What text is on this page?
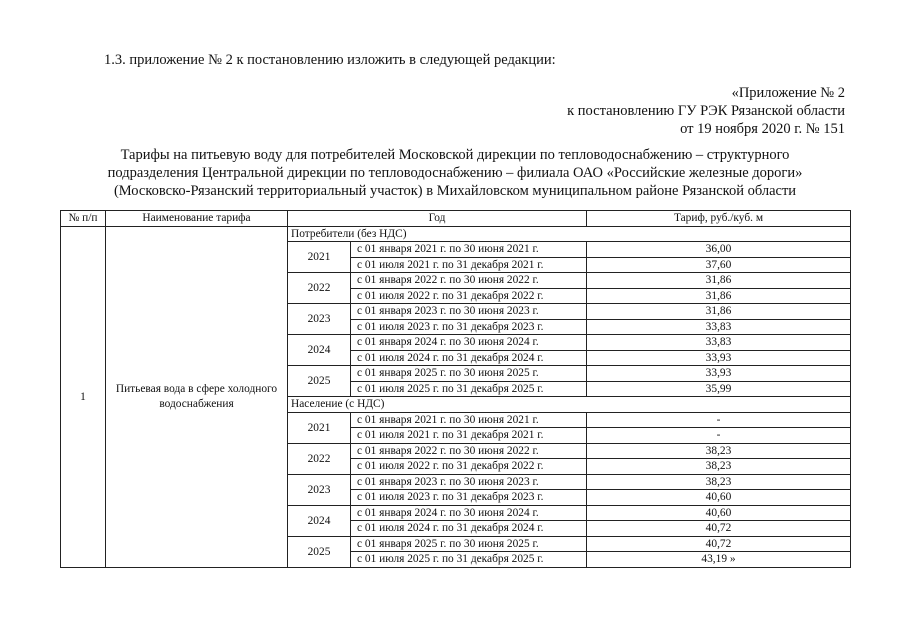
1.3. приложение № 2 к постановлению изложить в следующей редакции:
«Приложение № 2
к постановлению ГУ РЭК Рязанской области
от 19 ноября 2020 г. № 151
Тарифы на питьевую воду для потребителей Московской дирекции по тепловодоснабжению – структурного
подразделения Центральной дирекции по тепловодоснабжению – филиала ОАО «Российские железные дороги»
(Московско-Рязанский территориальный участок) в Михайловском муниципальном районе Рязанской области
№ п/п	Наименование тарифа	Год		Тариф, руб./куб. м
1	Питьевая вода в сфере холодного водоснабжения	Потребители (без НДС)		
		2021	с 01 января 2021 г. по 30 июня 2021 г.	36,00
			с 01 июля 2021 г. по 31 декабря 2021 г.	37,60
		2022	с 01 января 2022 г. по 30 июня 2022 г.	31,86
			с 01 июля 2022 г. по 31 декабря 2022 г.	31,86
		2023	с 01 января 2023 г. по 30 июня 2023 г.	31,86
			с 01 июля 2023 г. по 31 декабря 2023 г.	33,83
		2024	с 01 января 2024 г. по 30 июня 2024 г.	33,83
			с 01 июля 2024 г. по 31 декабря 2024 г.	33,93
		2025	с 01 января 2025 г. по 30 июня 2025 г.	33,93
			с 01 июля 2025 г. по 31 декабря 2025 г.	35,99
		Население (с НДС)		
		2021	с 01 января 2021 г. по 30 июня 2021 г.	-
			с 01 июля 2021 г. по 31 декабря 2021 г.	-
		2022	с 01 января 2022 г. по 30 июня 2022 г.	38,23
			с 01 июля 2022 г. по 31 декабря 2022 г.	38,23
		2023	с 01 января 2023 г. по 30 июня 2023 г.	38,23
			с 01 июля 2023 г. по 31 декабря 2023 г.	40,60
		2024	с 01 января 2024 г. по 30 июня 2024 г.	40,60
			с 01 июля 2024 г. по 31 декабря 2024 г.	40,72
		2025	с 01 января 2025 г. по 30 июня 2025 г.	40,72
			с 01 июля 2025 г. по 31 декабря 2025 г.	43,19 »
